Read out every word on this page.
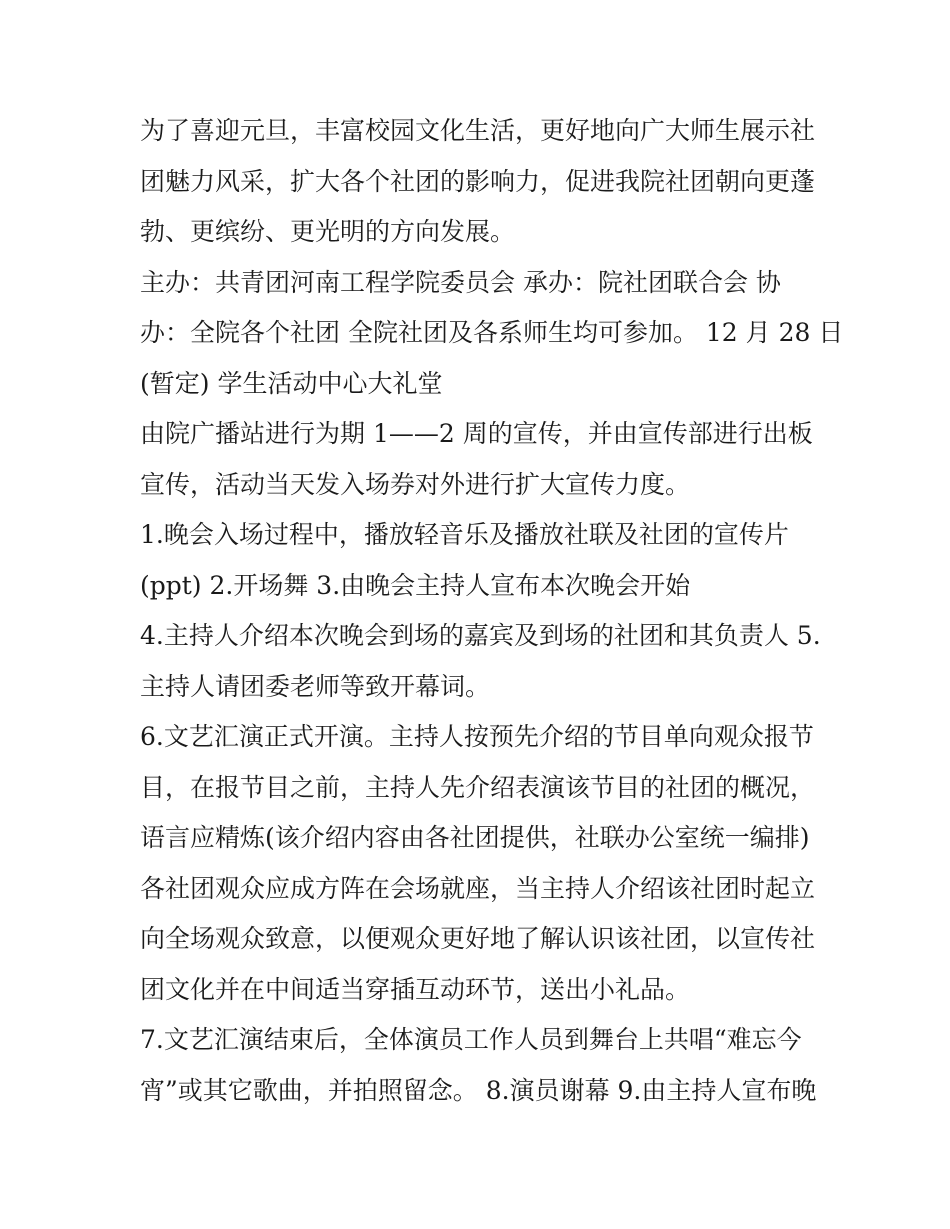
为了喜迎元旦，丰富校园文化生活，更好地向广大师生展示社
团魅力风采，扩大各个社团的影响力，促进我院社团朝向更蓬
勃、更缤纷、更光明的方向发展。
主办：共青团河南工程学院委员会 承办：院社团联合会 协
办：全院各个社团 全院社团及各系师生均可参加。 12 月 28 日
(暂定) 学生活动中心大礼堂
由院广播站进行为期 1——2 周的宣传，并由宣传部进行出板
宣传，活动当天发入场券对外进行扩大宣传力度。
1.晚会入场过程中，播放轻音乐及播放社联及社团的宣传片
(ppt) 2.开场舞 3.由晚会主持人宣布本次晚会开始
4.主持人介绍本次晚会到场的嘉宾及到场的社团和其负责人 5.
主持人请团委老师等致开幕词。
6.文艺汇演正式开演。主持人按预先介绍的节目单向观众报节
目，在报节目之前，主持人先介绍表演该节目的社团的概况，
语言应精炼(该介绍内容由各社团提供，社联办公室统一编排)
各社团观众应成方阵在会场就座，当主持人介绍该社团时起立
向全场观众致意，以便观众更好地了解认识该社团，以宣传社
团文化并在中间适当穿插互动环节，送出小礼品。
7.文艺汇演结束后，全体演员工作人员到舞台上共唱“难忘今
宵”或其它歌曲，并拍照留念。 8.演员谢幕 9.由主持人宣布晚
